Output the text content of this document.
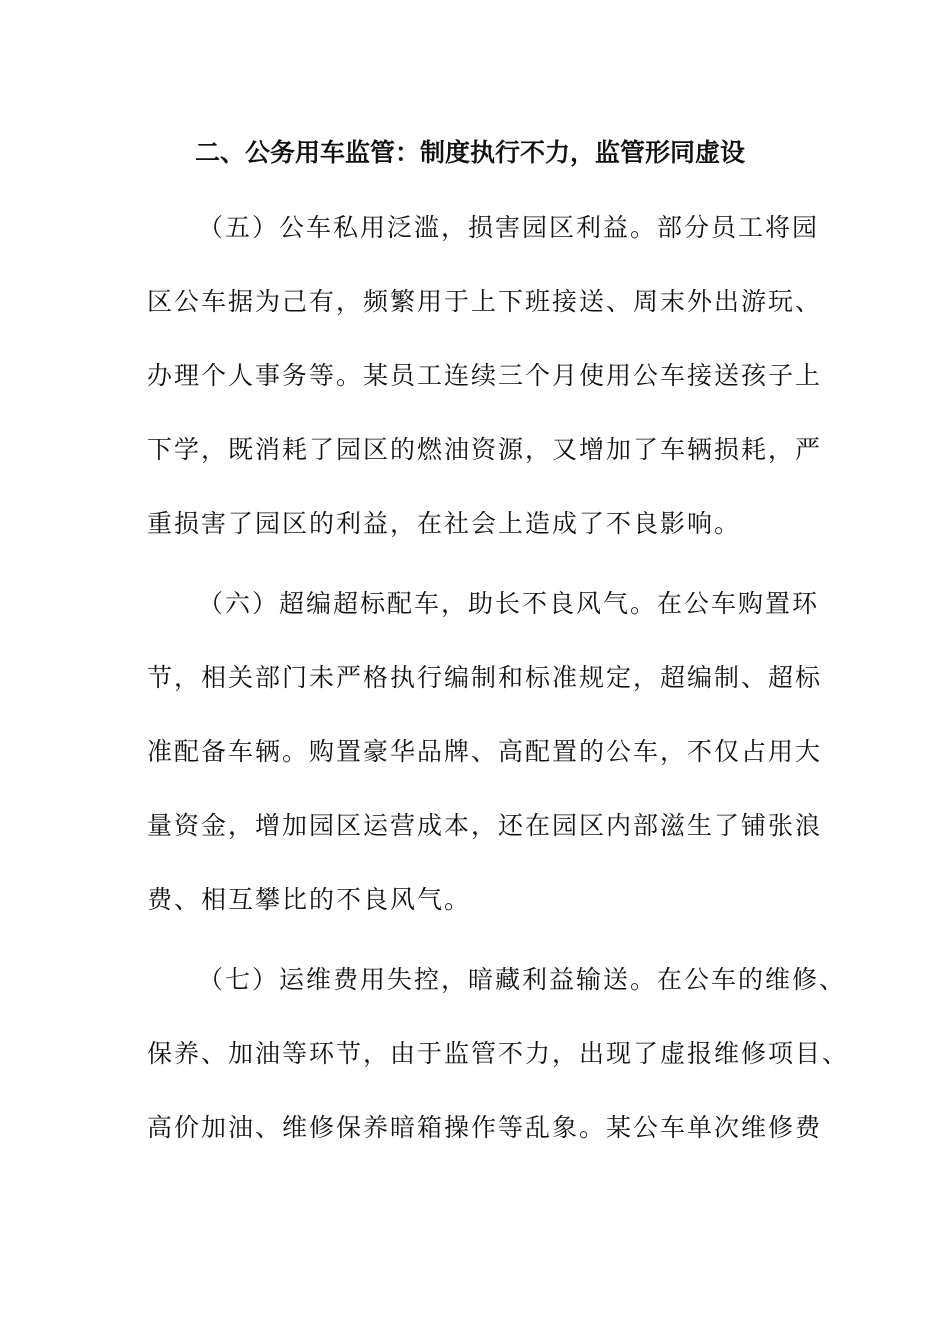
二、公务用车监管：制度执行不力，监管形同虚设
（五）公车私用泛滥，损害园区利益。部分员工将园
区公车据为己有，频繁用于上下班接送、周末外出游玩、
办理个人事务等。某员工连续三个月使用公车接送孩子上
下学，既消耗了园区的燃油资源，又增加了车辆损耗，严
重损害了园区的利益，在社会上造成了不良影响。
（六）超编超标配车，助长不良风气。在公车购置环
节，相关部门未严格执行编制和标准规定，超编制、超标
准配备车辆。购置豪华品牌、高配置的公车，不仅占用大
量资金，增加园区运营成本，还在园区内部滋生了铺张浪
费、相互攀比的不良风气。
（七）运维费用失控，暗藏利益输送。在公车的维修、
保养、加油等环节，由于监管不力，出现了虚报维修项目、
高价加油、维修保养暗箱操作等乱象。某公车单次维修费
